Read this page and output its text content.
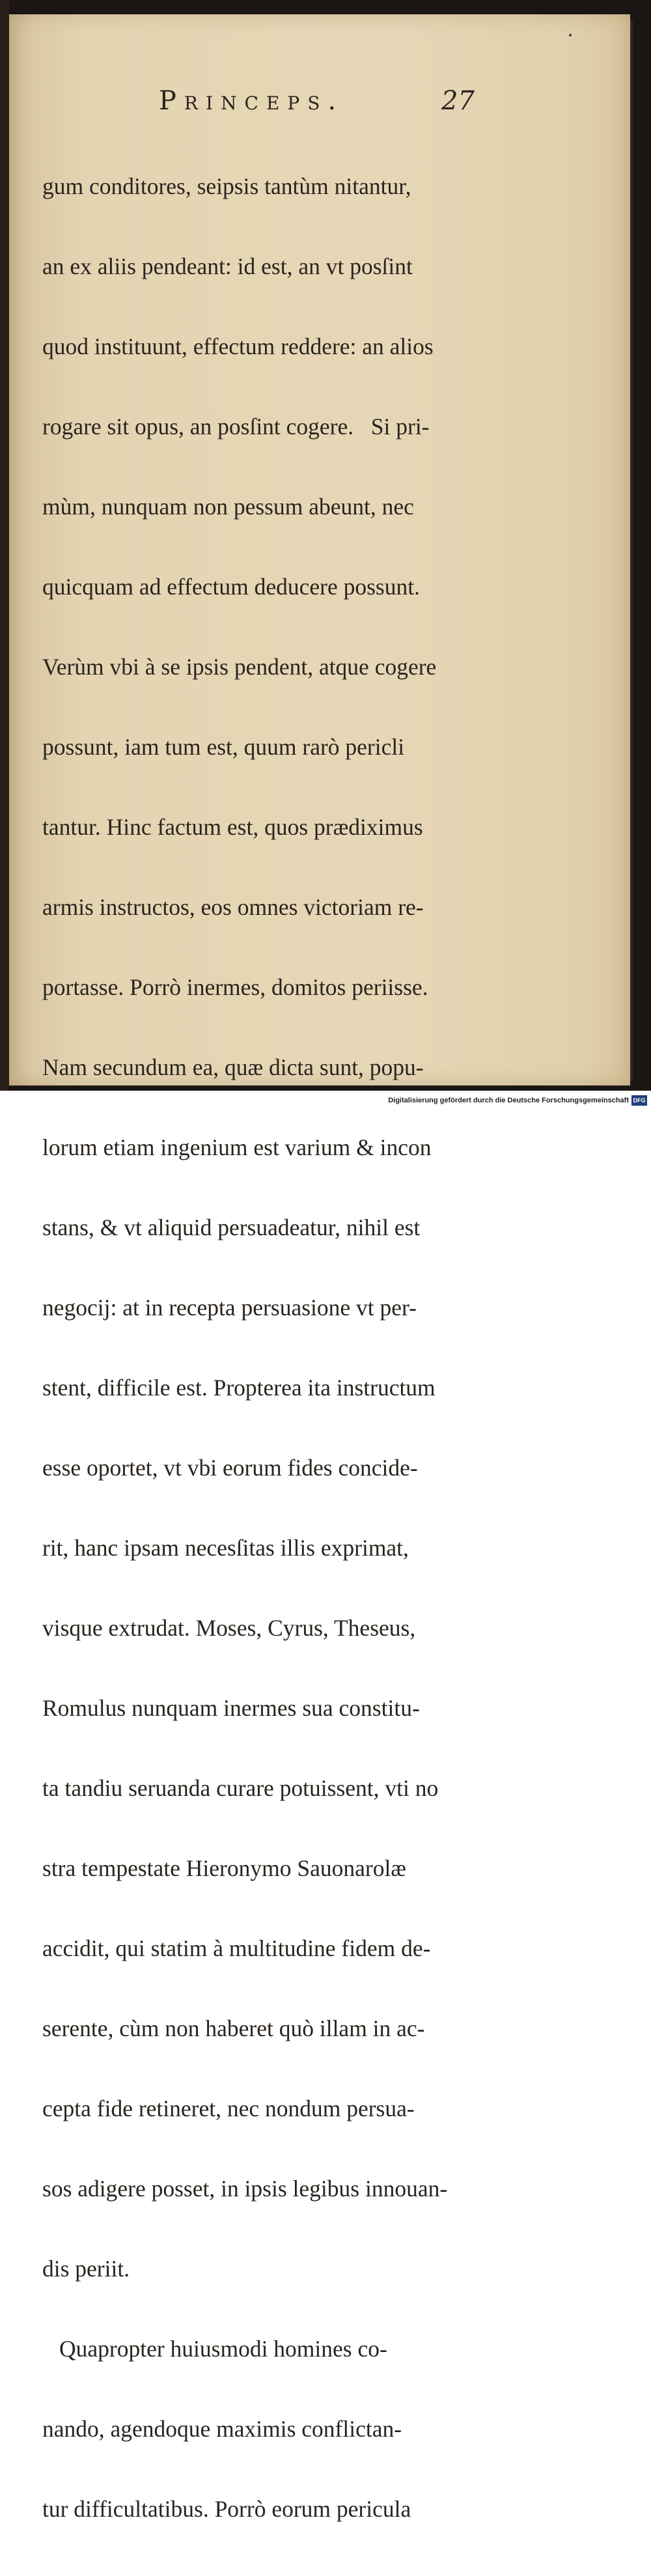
Princeps.	27

gum conditores, seipsis tantùm nitantur,

an ex aliis pendeant: id est, an vt posſint

quod instituunt, effectum reddere: an alios

rogare sit opus, an posſint cogere.   Si pri-

mùm, nunquam non pessum abeunt, nec

quicquam ad effectum deducere possunt.

Verùm vbi à se ipsis pendent, atque cogere

possunt, iam tum est, quum rarò pericli

tantur. Hinc factum est, quos prædiximus

armis instructos, eos omnes victoriam re-

portasse. Porrò inermes, domitos periisse.

Nam secundum ea, quæ dicta sunt, popu-

lorum etiam ingenium est varium & incon

stans, & vt aliquid persuadeatur, nihil est

negocij: at in recepta persuasione vt per-

stent, difficile est. Propterea ita instructum

esse oportet, vt vbi eorum fides concide-

rit, hanc ipsam necesſitas illis exprimat,

visque extrudat. Moses, Cyrus, Theseus,

Romulus nunquam inermes sua constitu-

ta tandiu seruanda curare potuissent, vti no

stra tempestate Hieronymo Sauonarolæ

accidit, qui statim à multitudine fidem de-

serente, cùm non haberet quò illam in ac-

cepta fide retineret, nec nondum persua-

sos adigere posset, in ipsis legibus innouan-

dis periit.

Quapropter huiusmodi homines co-

nando, agendoque maximis conflictan-

tur difficultatibus. Porrò eorum pericula

Digitalisierung gefördert durch die Deutsche Forschungsgemeinschaft DFG
